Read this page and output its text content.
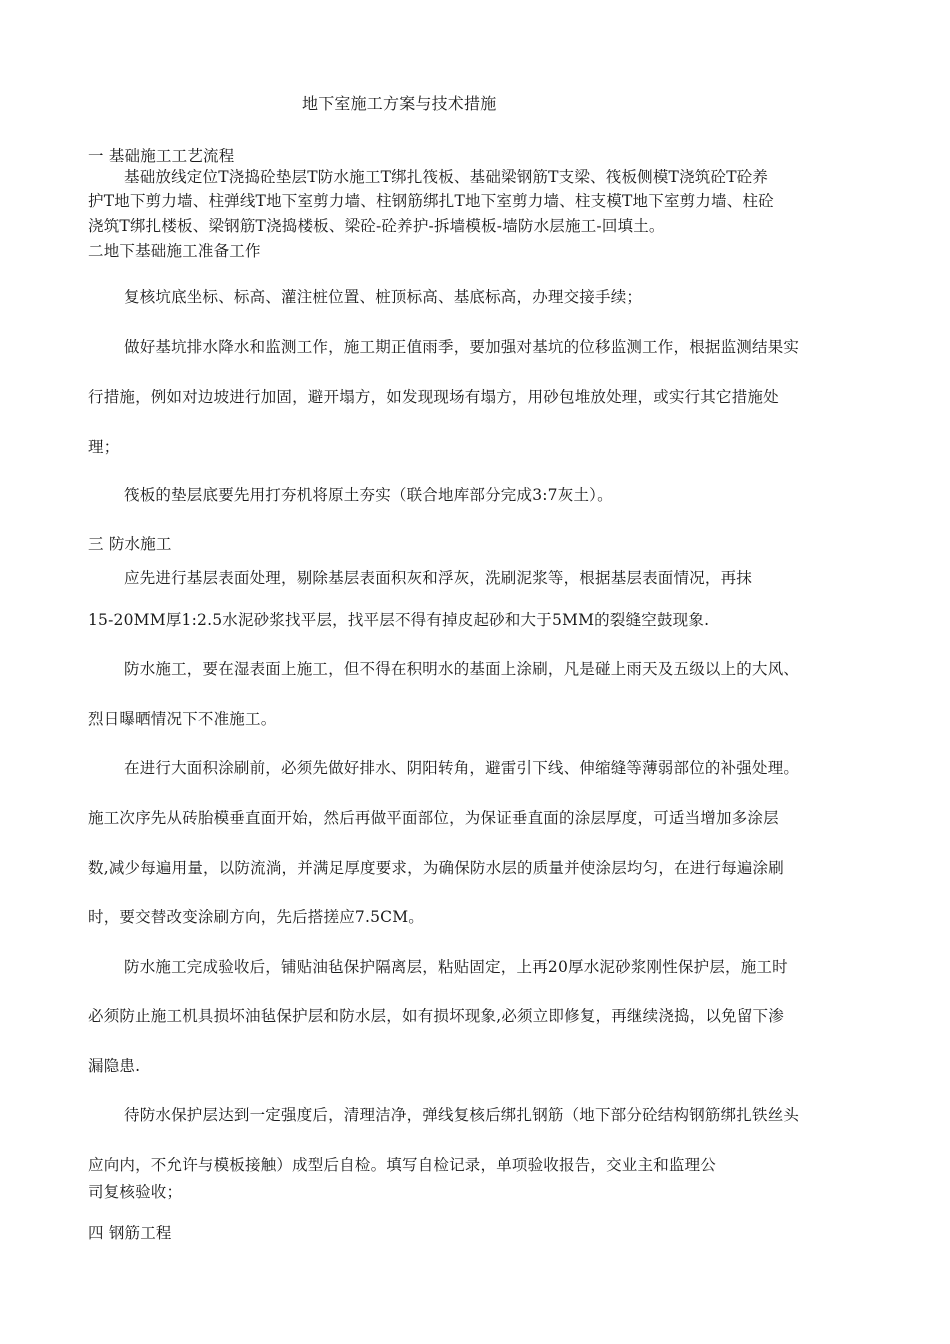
地下室施工方案与技术措施
一 基础施工工艺流程
基础放线定位T浇捣砼垫层T防水施工T绑扎筏板、基础梁钢筋T支梁、筏板侧模T浇筑砼T砼养
护T地下剪力墙、柱弹线T地下室剪力墙、柱钢筋绑扎T地下室剪力墙、柱支模T地下室剪力墙、柱砼
浇筑T绑扎楼板、梁钢筋T浇捣楼板、梁砼-砼养护-拆墙模板-墙防水层施工-回填土。
二地下基础施工准备工作
复核坑底坐标、标高、灌注桩位置、桩顶标高、基底标高，办理交接手续；
做好基坑排水降水和监测工作，施工期正值雨季，要加强对基坑的位移监测工作，根据监测结果实
行措施，例如对边坡进行加固，避开塌方，如发现现场有塌方，用砂包堆放处理，或实行其它措施处
理；
筏板的垫层底要先用打夯机将原土夯实（联合地库部分完成3:7灰土）。
三 防水施工
应先进行基层表面处理，剔除基层表面积灰和浮灰，洗刷泥浆等，根据基层表面情况，再抹
15-20MM厚1:2.5水泥砂浆找平层，找平层不得有掉皮起砂和大于5MM的裂缝空鼓现象.
防水施工，要在湿表面上施工，但不得在积明水的基面上涂刷，凡是碰上雨天及五级以上的大风、
烈日曝晒情况下不准施工。
在进行大面积涂刷前，必须先做好排水、阴阳转角，避雷引下线、伸缩缝等薄弱部位的补强处理。
施工次序先从砖胎模垂直面开始，然后再做平面部位，为保证垂直面的涂层厚度，可适当增加多涂层
数,减少每遍用量，以防流淌，并满足厚度要求，为确保防水层的质量并使涂层均匀，在进行每遍涂刷
时，要交替改变涂刷方向，先后搭搓应7.5CM。
防水施工完成验收后，铺贴油毡保护隔离层，粘贴固定，上再20厚水泥砂浆刚性保护层，施工时
必须防止施工机具损坏油毡保护层和防水层，如有损坏现象,必须立即修复，再继续浇捣，以免留下渗
漏隐患.
待防水保护层达到一定强度后，清理洁净，弹线复核后绑扎钢筋（地下部分砼结构钢筋绑扎铁丝头
应向内，不允许与模板接触）成型后自检。填写自检记录，单项验收报告，交业主和监理公
司复核验收；
四 钢筋工程
